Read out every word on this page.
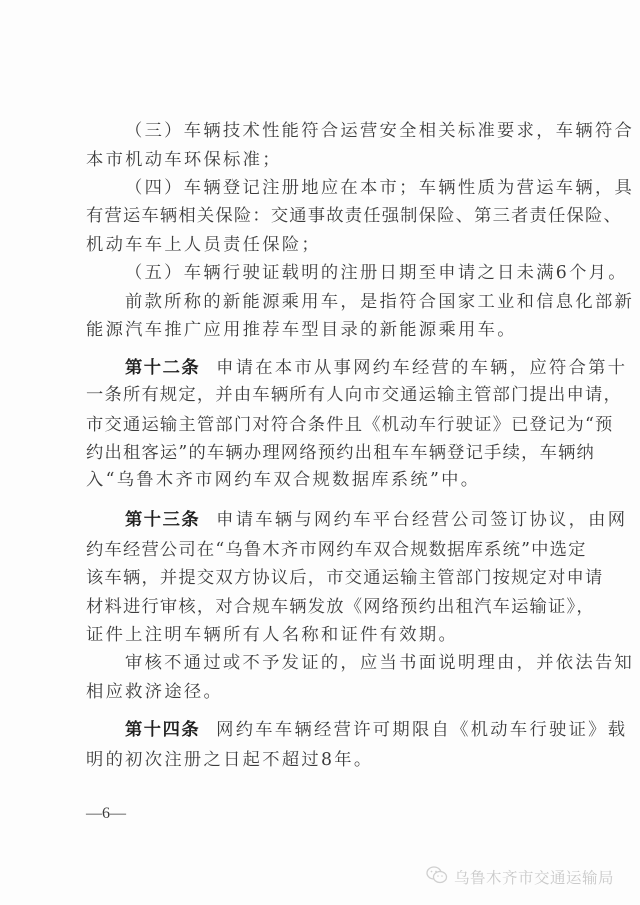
（三）车辆技术性能符合运营安全相关标准要求，车辆符合
本市机动车环保标准；
（四）车辆登记注册地应在本市；车辆性质为营运车辆，具
有营运车辆相关保险：交通事故责任强制保险、第三者责任保险、
机动车车上人员责任保险；
（五）车辆行驶证载明的注册日期至申请之日未满6个月。
前款所称的新能源乘用车，是指符合国家工业和信息化部新
能源汽车推广应用推荐车型目录的新能源乘用车。
第十二条 申请在本市从事网约车经营的车辆，应符合第十
一条所有规定，并由车辆所有人向市交通运输主管部门提出申请，
市交通运输主管部门对符合条件且《机动车行驶证》已登记为“预
约出租客运”的车辆办理网络预约出租车车辆登记手续，车辆纳
入“乌鲁木齐市网约车双合规数据库系统”中。
第十三条 申请车辆与网约车平台经营公司签订协议，由网
约车经营公司在“乌鲁木齐市网约车双合规数据库系统”中选定
该车辆，并提交双方协议后，市交通运输主管部门按规定对申请
材料进行审核，对合规车辆发放《网络预约出租汽车运输证》，
证件上注明车辆所有人名称和证件有效期。
审核不通过或不予发证的，应当书面说明理由，并依法告知
相应救济途径。
第十四条 网约车车辆经营许可期限自《机动车行驶证》载
明的初次注册之日起不超过8年。
—6—
乌鲁木齐市交通运输局
